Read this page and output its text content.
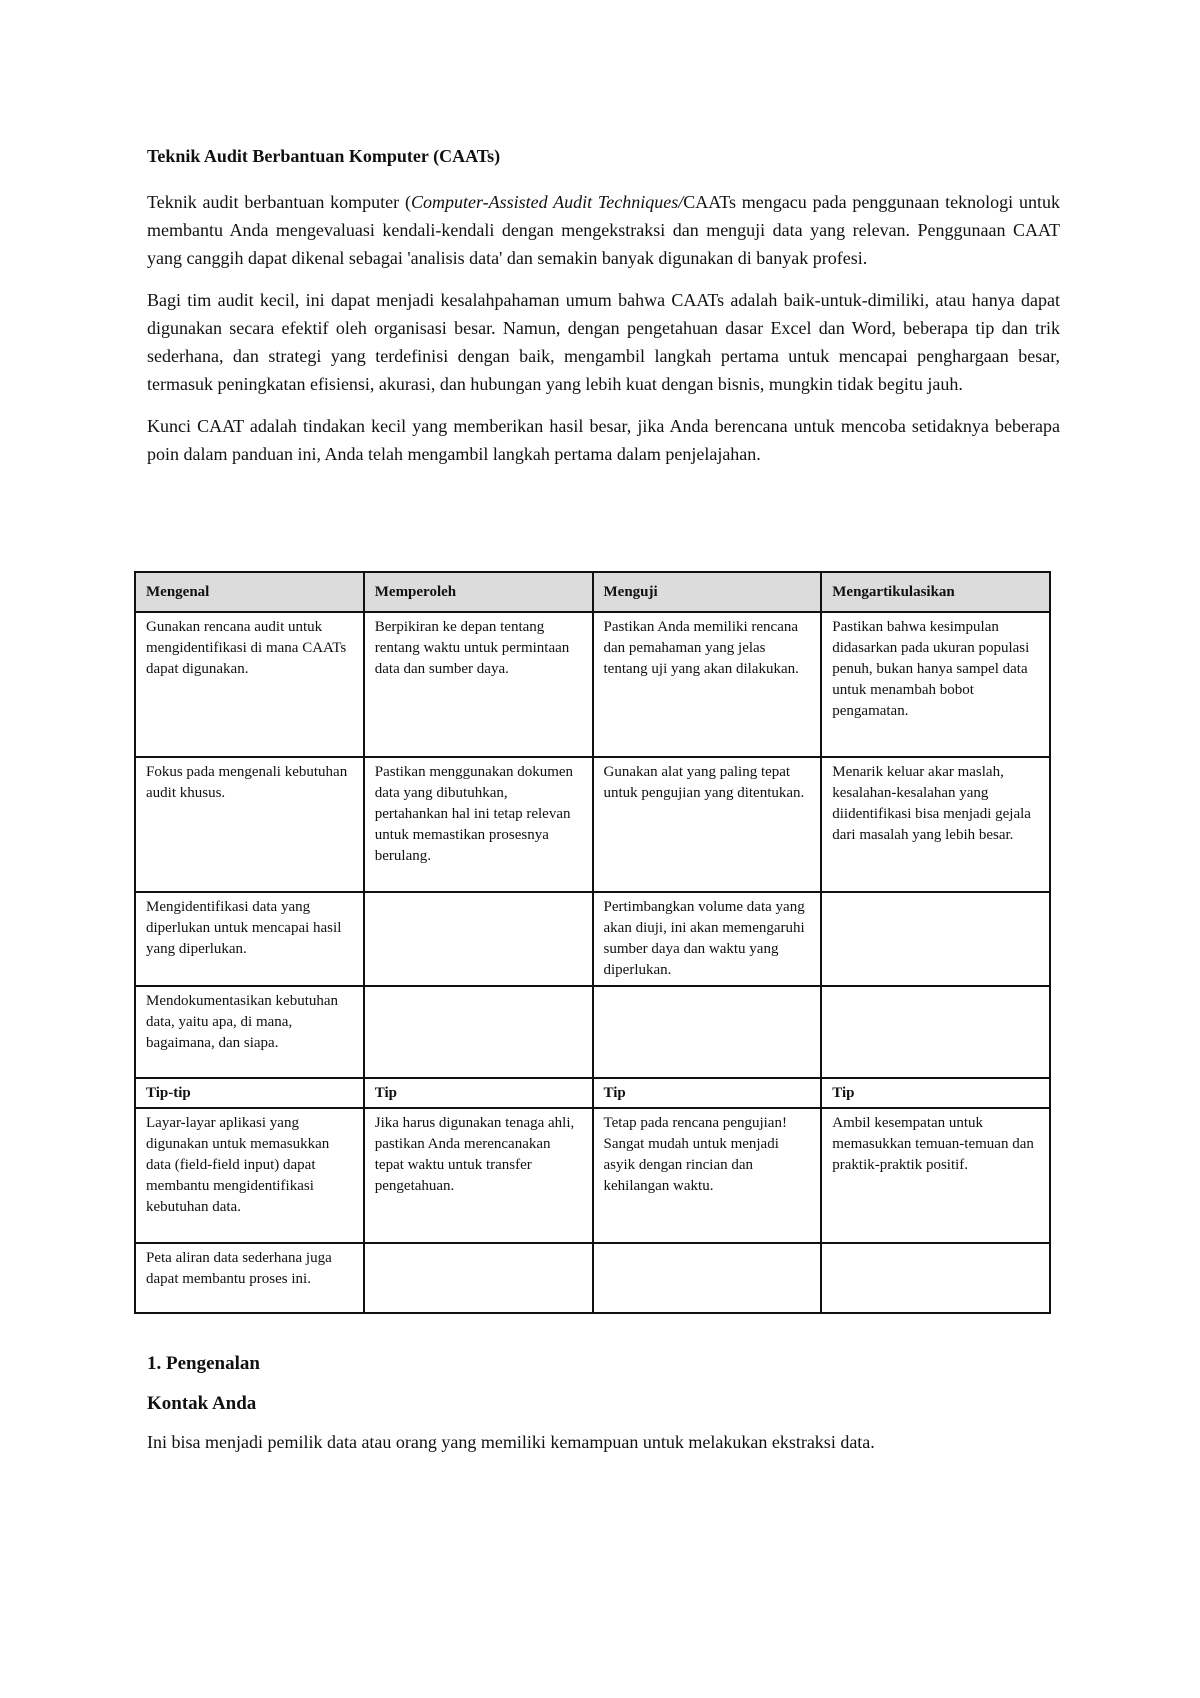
Teknik Audit Berbantuan Komputer (CAATs)

Teknik audit berbantuan komputer (Computer-Assisted Audit Techniques/CAATs mengacu pada penggunaan teknologi untuk membantu Anda mengevaluasi kendali-kendali dengan mengekstraksi dan menguji data yang relevan. Penggunaan CAAT yang canggih dapat dikenal sebagai 'analisis data' dan semakin banyak digunakan di banyak profesi.

Bagi tim audit kecil, ini dapat menjadi kesalahpahaman umum bahwa CAATs adalah baik-untuk-dimiliki, atau hanya dapat digunakan secara efektif oleh organisasi besar. Namun, dengan pengetahuan dasar Excel dan Word, beberapa tip dan trik sederhana, dan strategi yang terdefinisi dengan baik, mengambil langkah pertama untuk mencapai penghargaan besar, termasuk peningkatan efisiensi, akurasi, dan hubungan yang lebih kuat dengan bisnis, mungkin tidak begitu jauh.

Kunci CAAT adalah tindakan kecil yang memberikan hasil besar, jika Anda berencana untuk mencoba setidaknya beberapa poin dalam panduan ini, Anda telah mengambil langkah pertama dalam penjelajahan.

Mengenal	Memperoleh	Menguji	Mengartikulasikan
Gunakan rencana audit untuk mengidentifikasi di mana CAATs dapat digunakan.	Berpikiran ke depan tentang rentang waktu untuk permintaan data dan sumber daya.	Pastikan Anda memiliki rencana dan pemahaman yang jelas tentang uji yang akan dilakukan.	Pastikan bahwa kesimpulan didasarkan pada ukuran populasi penuh, bukan hanya sampel data untuk menambah bobot pengamatan.
Fokus pada mengenali kebutuhan audit khusus.	Pastikan menggunakan dokumen data yang dibutuhkan, pertahankan hal ini tetap relevan untuk memastikan prosesnya berulang.	Gunakan alat yang paling tepat untuk pengujian yang ditentukan.	Menarik keluar akar maslah, kesalahan-kesalahan yang diidentifikasi bisa menjadi gejala dari masalah yang lebih besar.
Mengidentifikasi data yang diperlukan untuk mencapai hasil yang diperlukan.		Pertimbangkan volume data yang akan diuji, ini akan memengaruhi sumber daya dan waktu yang diperlukan.	
Mendokumentasikan kebutuhan data, yaitu apa, di mana, bagaimana, dan siapa.			
Tip-tip	Tip	Tip	Tip
Layar-layar aplikasi yang digunakan untuk memasukkan data (field-field input) dapat membantu mengidentifikasi kebutuhan data.	Jika harus digunakan tenaga ahli, pastikan Anda merencanakan tepat waktu untuk transfer pengetahuan.	Tetap pada rencana pengujian! Sangat mudah untuk menjadi asyik dengan rincian dan kehilangan waktu.	Ambil kesempatan untuk memasukkan temuan-temuan dan praktik-praktik positif.
Peta aliran data sederhana juga dapat membantu proses ini.			
1. Pengenalan
Kontak Anda

Ini bisa menjadi pemilik data atau orang yang memiliki kemampuan untuk melakukan ekstraksi data.
